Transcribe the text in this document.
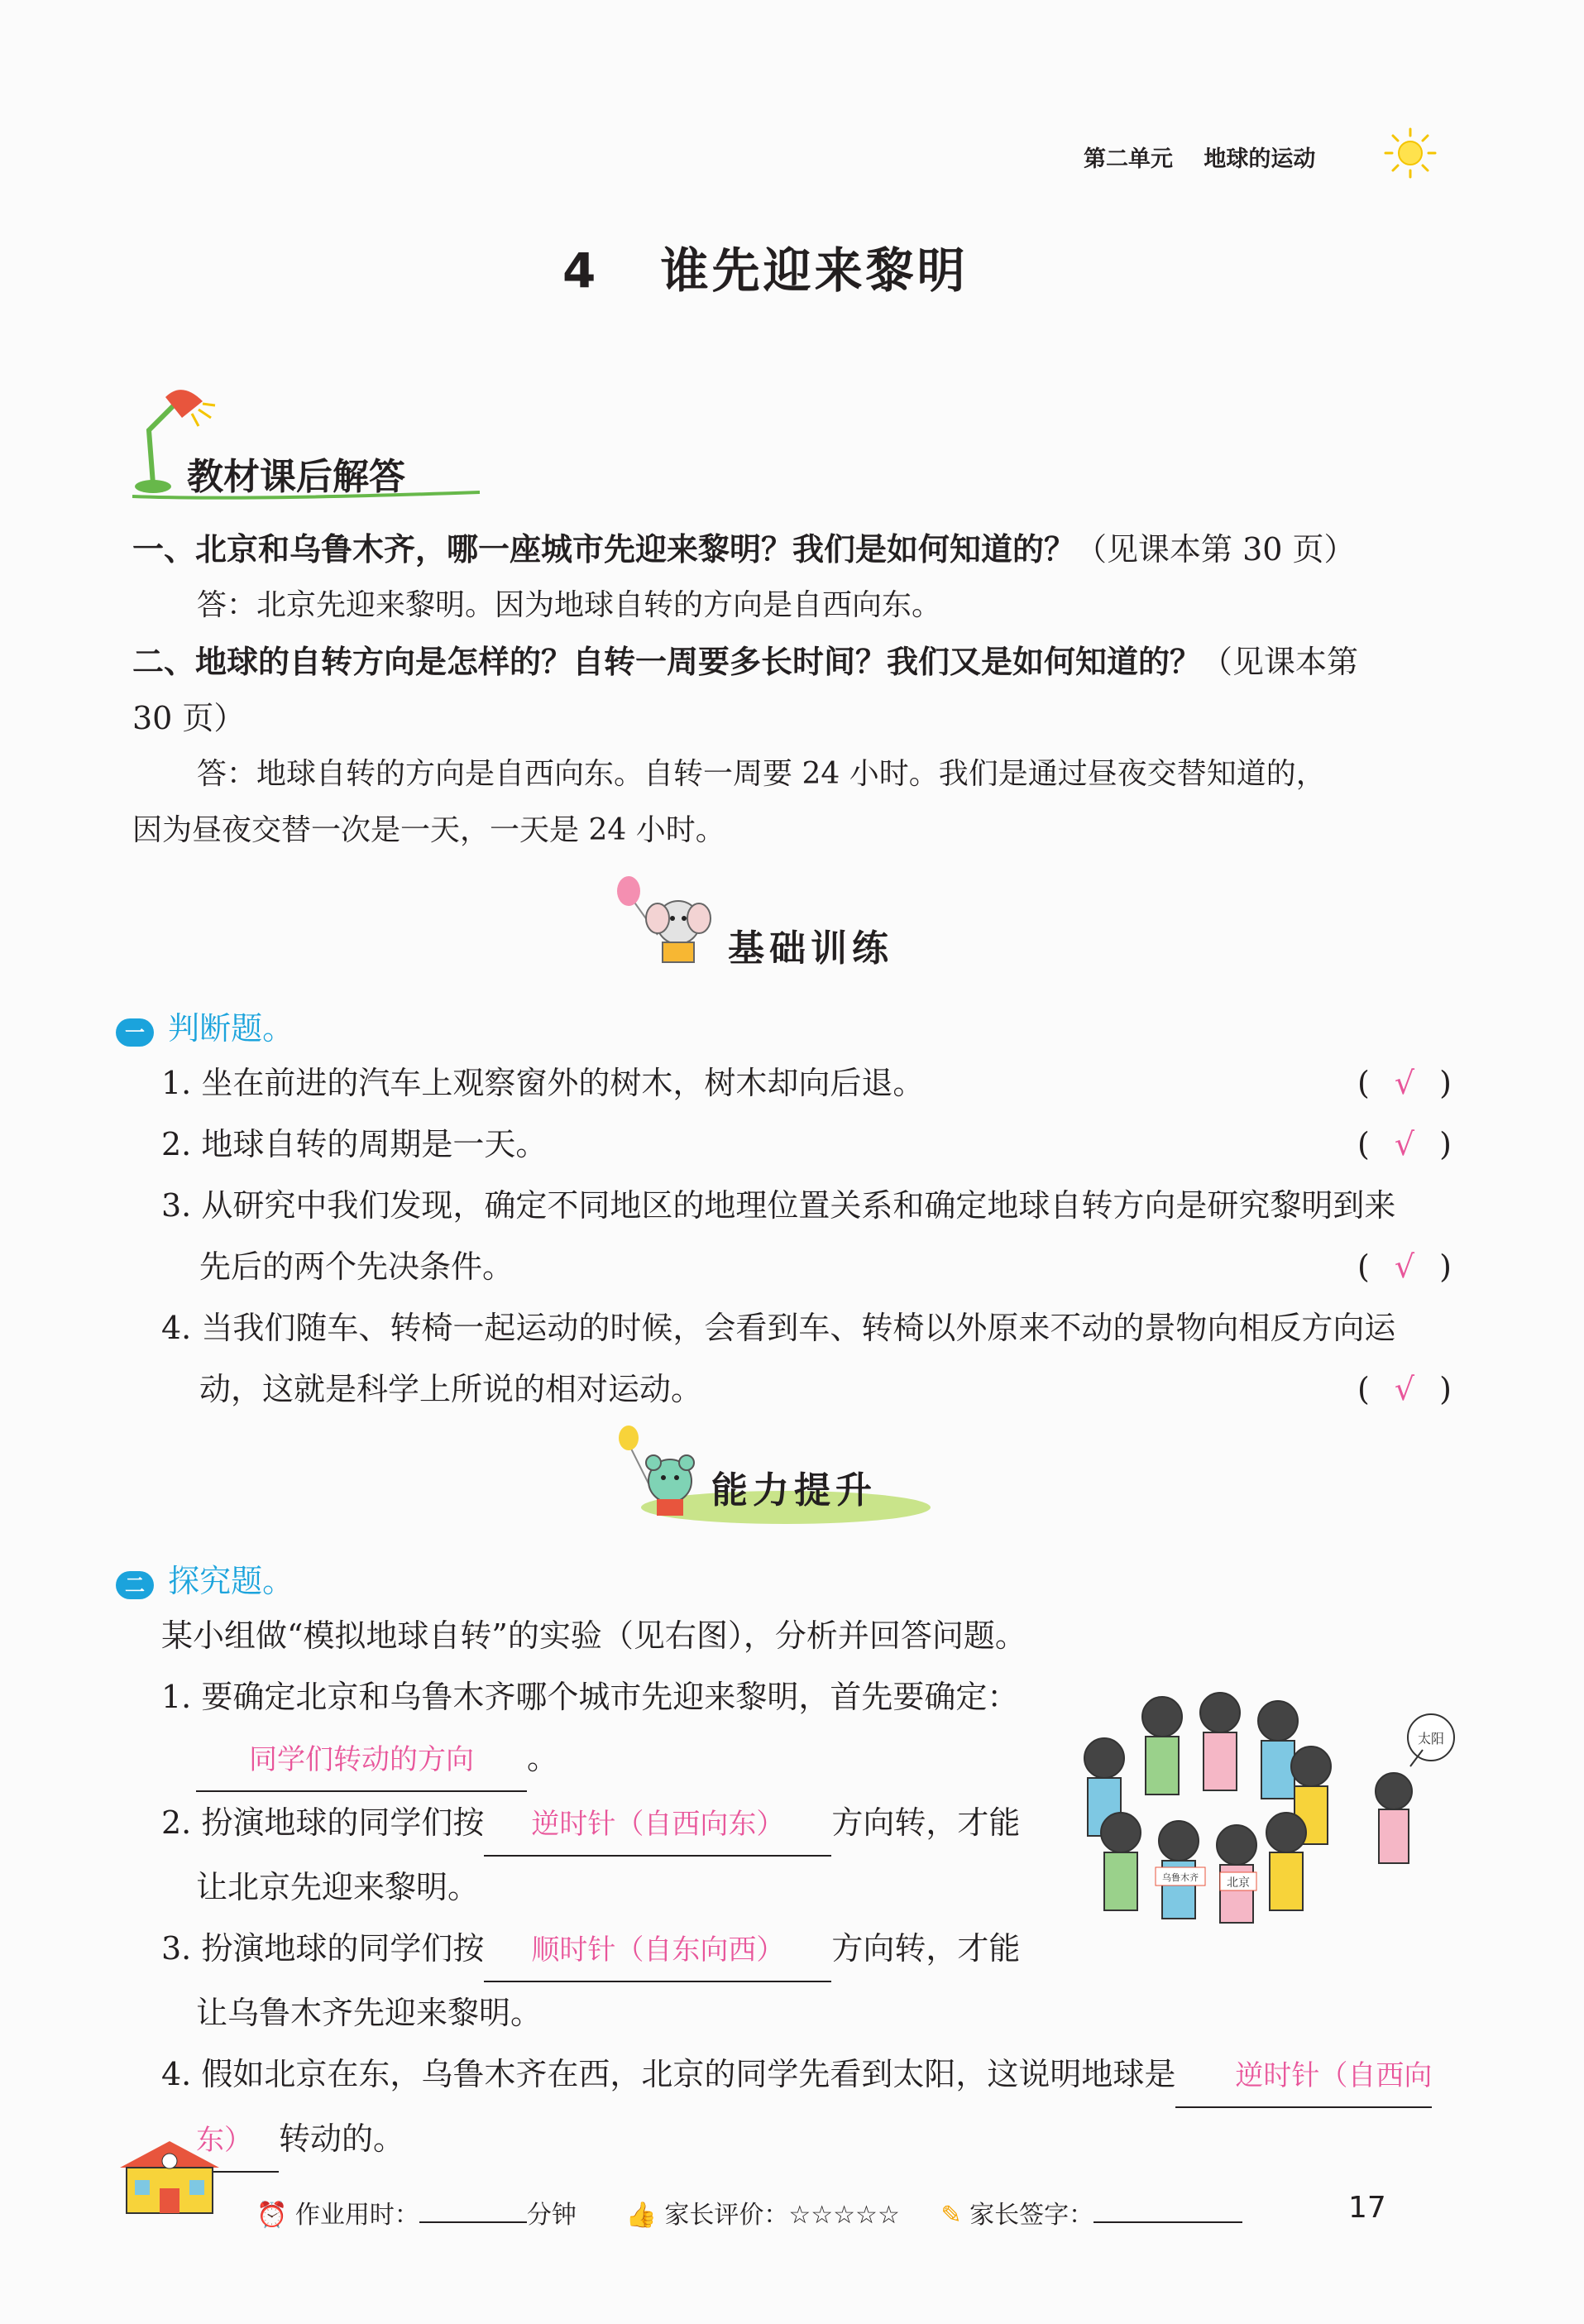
第二单元 地球的运动
4 谁先迎来黎明
教材课后解答
一、北京和乌鲁木齐，哪一座城市先迎来黎明？我们是如何知道的？（见课本第 30 页）
答：北京先迎来黎明。因为地球自转的方向是自西向东。
二、地球的自转方向是怎样的？自转一周要多长时间？我们又是如何知道的？（见课本第
30 页）
答：地球自转的方向是自西向东。自转一周要 24 小时。我们是通过昼夜交替知道的，
因为昼夜交替一次是一天，一天是 24 小时。
基础训练
一 判断题。
1. 坐在前进的汽车上观察窗外的树木，树木却向后退。	( √ )
2. 地球自转的周期是一天。	( √ )
3. 从研究中我们发现，确定不同地区的地理位置关系和确定地球自转方向是研究黎明到来
先后的两个先决条件。	( √ )
4. 当我们随车、转椅一起运动的时候，会看到车、转椅以外原来不动的景物向相反方向运
动，这就是科学上所说的相对运动。	( √ )
能力提升
二 探究题。
某小组做“模拟地球自转”的实验（见右图），分析并回答问题。
1. 要确定北京和乌鲁木齐哪个城市先迎来黎明，首先要确定：
同学们转动的方向 。
2. 扮演地球的同学们按 逆时针（自西向东） 方向转，才能
让北京先迎来黎明。
3. 扮演地球的同学们按 顺时针（自东向西） 方向转，才能
让乌鲁木齐先迎来黎明。
4. 假如北京在东，乌鲁木齐在西，北京的同学先看到太阳，这说明地球是 逆时针（自西向
东） 转动的。
太阳
北京
乌鲁木齐
⏰ 作业用时：	分钟 👍 家长评价：☆☆☆☆☆ ✎ 家长签字：	17
